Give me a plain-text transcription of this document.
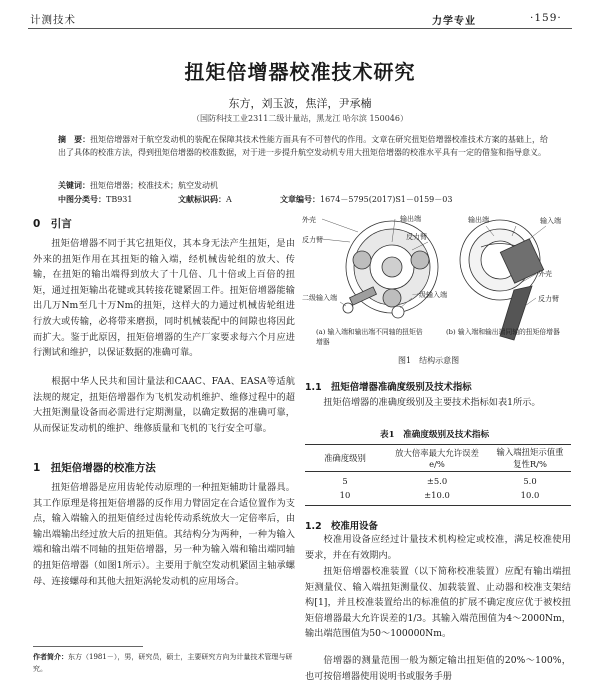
计测技术	力学专业	·159·
扭矩倍增器校准技术研究
东方，刘玉波，焦洋，尹承楠
（国防科技工业2311二级计量站，黑龙江 哈尔滨 150046）
摘　要：扭矩倍增器对于航空发动机的装配在保障其技术性能方面具有不可替代的作用。文章在研究扭矩倍增器校准技术方案的基础上，给出了具体的校准方法，得到扭矩倍增器的校准数据，对于进一步提升航空发动机专用大扭矩倍增器的校准水平具有一定的借鉴和指导意义。
关键词：扭矩倍增器；校准技术；航空发动机
中图分类号：TB931	文献标识码：A	文章编号：1674－5795(2017)S1－0159－03
0　引言
扭矩倍增器不同于其它扭矩仪，其本身无法产生扭矩，是由外来的扭矩作用在其扭矩的输入端，经机械齿轮组的放大、传输，在扭矩的输出端得到放大了十几倍、几十倍或上百倍的扭矩，通过扭矩输出花键或其转接花键紧固工件。扭矩倍增器能输出几万Nm至几十万Nm的扭矩，这样大的力通过机械齿轮组进行放大或传输，必将带来磨损，同时机械装配中的间隙也将因此而扩大。鉴于此原因，扭矩倍增器的生产厂家要求每六个月应进行测试和维护，以保证数据的准确可靠。
根据中华人民共和国计量法和CAAC、FAA、EASA等适航法规的规定，扭矩倍增器作为飞机发动机维护、维修过程中的超大扭矩测量设备而必需进行定期测量，以确定数据的准确可靠，从而保证发动机的维护、维修质量和飞机的飞行安全可靠。
1　扭矩倍增器的校准方法
扭矩倍增器是应用齿轮传动原理的一种扭矩辅助计量器具。其工作原理是将扭矩倍增器的反作用力臂固定在合适位置作为支点，输入端输入的扭矩值经过齿轮传动系统放大一定倍率后，由输出端输出经过放大后的扭矩值。其结构分为两种，一种为输入端和输出端不同轴的扭矩倍增器，另一种为输入端和输出端同轴的扭矩倍增器（如图1所示）。主要用于航空发动机紧固主轴承螺母、连接螺母和其他大扭矩涡轮发动机的应用场合。
作者简介：东方（1981－），男，研究员，硕士，主要研究方向为计量技术管理与研究。
外壳
反力臂
输出端
反力臂
二级输入端	一级输入端
输出端	输入端
外壳
反力臂
(a) 输入端和输出端不同轴的扭矩倍增器
(b) 输入端和输出端同轴的扭矩倍增器
图1　结构示意图
1.1　扭矩倍增器准确度级别及技术指标
扭矩倍增器的准确度级别及主要技术指标如表1所示。
表1　准确度级别及技术指标
准确度级别	放大倍率最大允许误差e/%	输入端扭矩示值重复性R/%
5	±5.0	5.0
10	±10.0	10.0
1.2　校准用设备
校准用设备应经过计量技术机构检定或校准，满足校准使用要求，并在有效期内。
扭矩倍增器校准装置（以下简称校准装置）应配有输出端扭矩测量仪、输入端扭矩测量仪、加载装置、止动器和校准支架结构[1]，并且校准装置给出的标准值的扩展不确定度应优于被校扭矩倍增器最大允许误差的1/3。其输入端范围值为4～2000Nm，输出端范围值为50～100000Nm。
倍增器的测量范围一般为额定输出扭矩值的20%～100%，也可按倍增器使用说明书或服务手册
